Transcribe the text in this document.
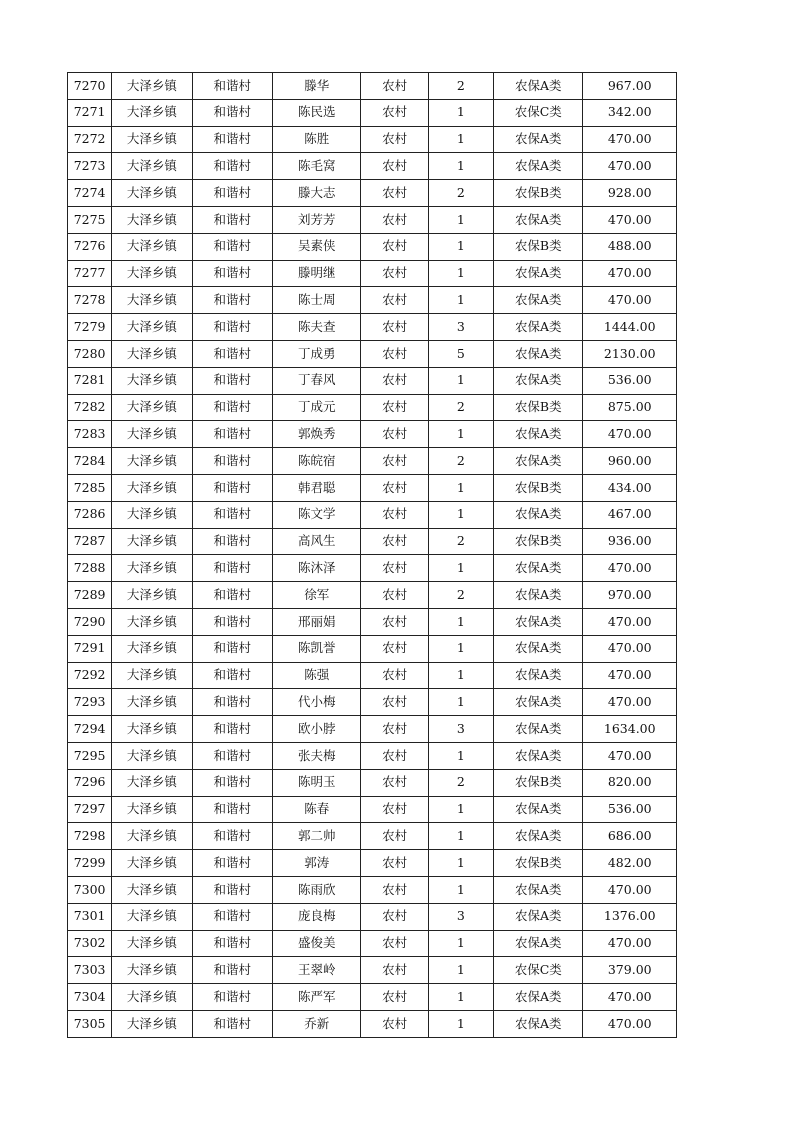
7270	大泽乡镇	和谐村	滕华	农村	2	农保A类	967.00
7271	大泽乡镇	和谐村	陈民选	农村	1	农保C类	342.00
7272	大泽乡镇	和谐村	陈胜	农村	1	农保A类	470.00
7273	大泽乡镇	和谐村	陈毛窝	农村	1	农保A类	470.00
7274	大泽乡镇	和谐村	滕大志	农村	2	农保B类	928.00
7275	大泽乡镇	和谐村	刘芳芳	农村	1	农保A类	470.00
7276	大泽乡镇	和谐村	吴素侠	农村	1	农保B类	488.00
7277	大泽乡镇	和谐村	滕明继	农村	1	农保A类	470.00
7278	大泽乡镇	和谐村	陈士周	农村	1	农保A类	470.00
7279	大泽乡镇	和谐村	陈夫查	农村	3	农保A类	1444.00
7280	大泽乡镇	和谐村	丁成勇	农村	5	农保A类	2130.00
7281	大泽乡镇	和谐村	丁春风	农村	1	农保A类	536.00
7282	大泽乡镇	和谐村	丁成元	农村	2	农保B类	875.00
7283	大泽乡镇	和谐村	郭焕秀	农村	1	农保A类	470.00
7284	大泽乡镇	和谐村	陈皖宿	农村	2	农保A类	960.00
7285	大泽乡镇	和谐村	韩君聪	农村	1	农保B类	434.00
7286	大泽乡镇	和谐村	陈文学	农村	1	农保A类	467.00
7287	大泽乡镇	和谐村	高风生	农村	2	农保B类	936.00
7288	大泽乡镇	和谐村	陈沐泽	农村	1	农保A类	470.00
7289	大泽乡镇	和谐村	徐军	农村	2	农保A类	970.00
7290	大泽乡镇	和谐村	邢丽娟	农村	1	农保A类	470.00
7291	大泽乡镇	和谐村	陈凯誉	农村	1	农保A类	470.00
7292	大泽乡镇	和谐村	陈强	农村	1	农保A类	470.00
7293	大泽乡镇	和谐村	代小梅	农村	1	农保A类	470.00
7294	大泽乡镇	和谐村	欧小脖	农村	3	农保A类	1634.00
7295	大泽乡镇	和谐村	张夫梅	农村	1	农保A类	470.00
7296	大泽乡镇	和谐村	陈明玉	农村	2	农保B类	820.00
7297	大泽乡镇	和谐村	陈春	农村	1	农保A类	536.00
7298	大泽乡镇	和谐村	郭二帅	农村	1	农保A类	686.00
7299	大泽乡镇	和谐村	郭涛	农村	1	农保B类	482.00
7300	大泽乡镇	和谐村	陈雨欣	农村	1	农保A类	470.00
7301	大泽乡镇	和谐村	庞良梅	农村	3	农保A类	1376.00
7302	大泽乡镇	和谐村	盛俊美	农村	1	农保A类	470.00
7303	大泽乡镇	和谐村	王翠岭	农村	1	农保C类	379.00
7304	大泽乡镇	和谐村	陈严军	农村	1	农保A类	470.00
7305	大泽乡镇	和谐村	乔新	农村	1	农保A类	470.00
